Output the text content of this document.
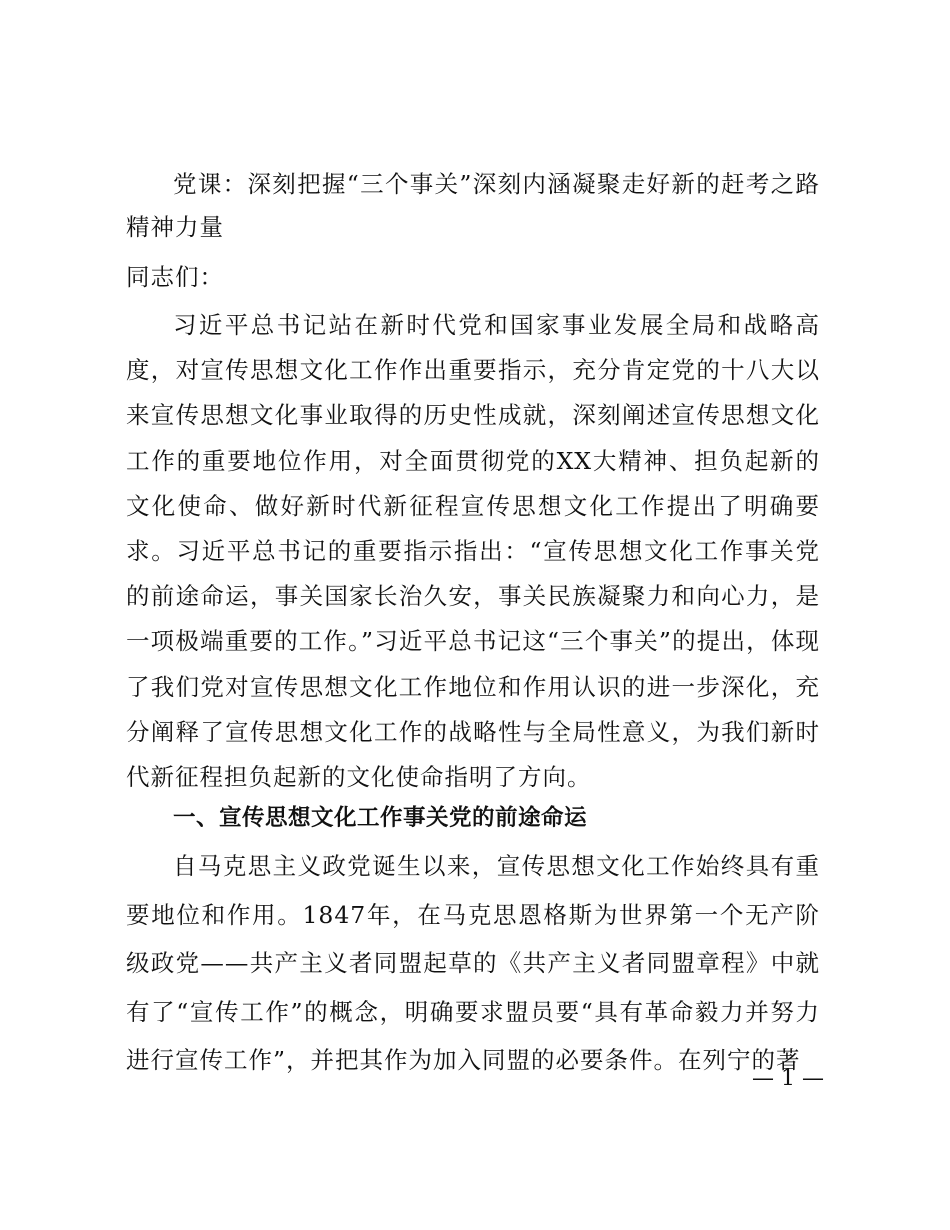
党课：深刻把握“三个事关”深刻内涵凝聚走好新的赶考之路精神力量
同志们：
习近平总书记站在新时代党和国家事业发展全局和战略高度，对宣传思想文化工作作出重要指示，充分肯定党的十八大以来宣传思想文化事业取得的历史性成就，深刻阐述宣传思想文化工作的重要地位作用，对全面贯彻党的XX大精神、担负起新的文化使命、做好新时代新征程宣传思想文化工作提出了明确要求。习近平总书记的重要指示指出：“宣传思想文化工作事关党的前途命运，事关国家长治久安，事关民族凝聚力和向心力，是一项极端重要的工作。”习近平总书记这“三个事关”的提出，体现了我们党对宣传思想文化工作地位和作用认识的进一步深化，充分阐释了宣传思想文化工作的战略性与全局性意义，为我们新时代新征程担负起新的文化使命指明了方向。
一、宣传思想文化工作事关党的前途命运
自马克思主义政党诞生以来，宣传思想文化工作始终具有重要地位和作用。1847年，在马克思恩格斯为世界第一个无产阶级政党——共产主义者同盟起草的《共产主义者同盟章程》中就有了“宣传工作”的概念，明确要求盟员要“具有革命毅力并努力进行宣传工作”，并把其作为加入同盟的必要条件。在列宁的著
— 1 —
